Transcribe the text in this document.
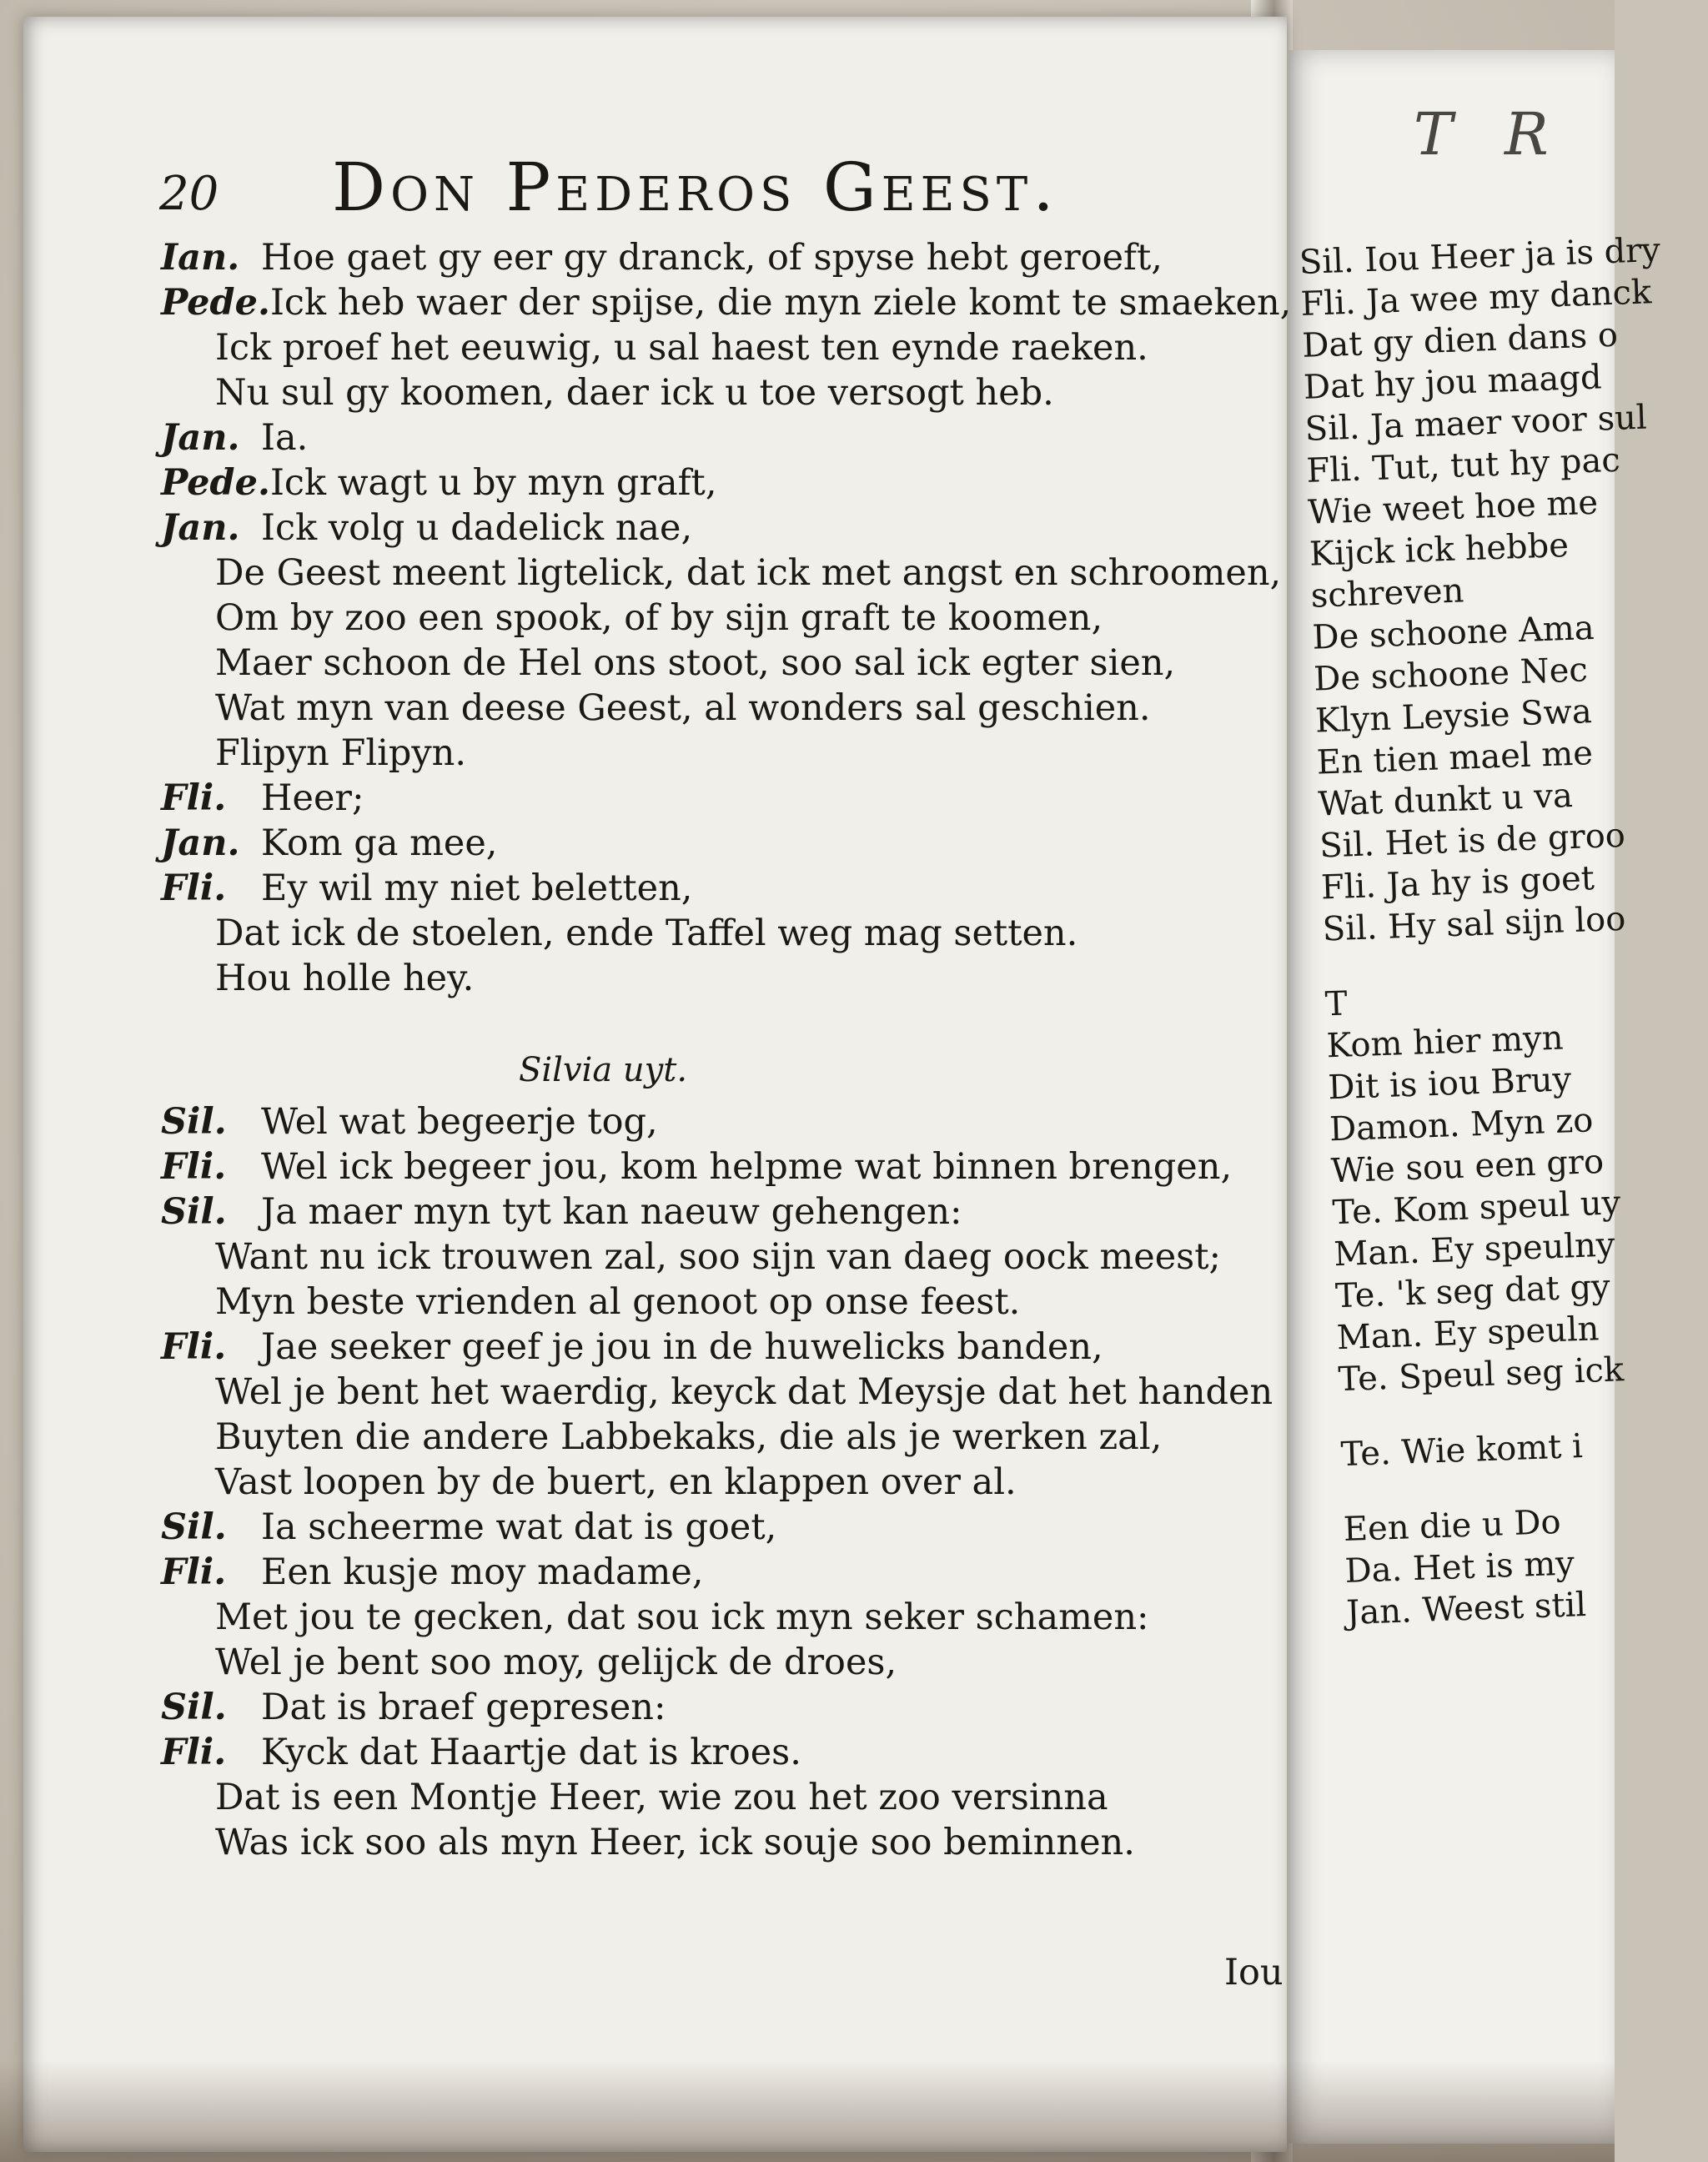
T R
Sil. Iou Heer ja is dry
Fli. Ja wee my danck
Dat gy dien dans o
Dat hy jou maagd
Sil. Ja maer voor sul
Fli. Tut, tut hy pac
Wie weet hoe me
Kijck ick hebbe
schreven
De schoone Ama
De schoone Nec
Klyn Leysie Swa
En tien mael me
Wat dunkt u va
Sil. Het is de groo
Fli. Ja hy is goet
Sil. Hy sal sijn loo
T
Kom hier myn
Dit is iou Bruy
Damon. Myn zo
Wie sou een gro
Te. Kom speul uy
Man. Ey speulny
Te. 'k seg dat gy
Man. Ey speuln
Te. Speul seg ick
Te. Wie komt i
Een die u Do
Da. Het is my
Jan. Weest stil
20 Don Pederos Geest.
Ian. Hoe gaet gy eer gy dranck, of spyse hebt geroeft,
Pede.Ick heb waer der spijse, die myn ziele komt te smaeken,
Ick proef het eeuwig, u sal haest ten eynde raeken.
Nu sul gy koomen, daer ick u toe versogt heb.
Jan. Ia.
Pede.Ick wagt u by myn graft,
Jan. Ick volg u dadelick nae,
De Geest meent ligtelick, dat ick met angst en schroomen,
Om by zoo een spook, of by sijn graft te koomen,
Maer schoon de Hel ons stoot, soo sal ick egter sien,
Wat myn van deese Geest, al wonders sal geschien.
Flipyn Flipyn.
Fli. Heer;
Jan. Kom ga mee,
Fli. Ey wil my niet beletten,
Dat ick de stoelen, ende Taffel weg mag setten.
Hou holle hey.
Silvia uyt.
Sil. Wel wat begeerje tog,
Fli. Wel ick begeer jou, kom helpme wat binnen brengen,
Sil. Ja maer myn tyt kan naeuw gehengen:
Want nu ick trouwen zal, soo sijn van daeg oock meest;
Myn beste vrienden al genoot op onse feest.
Fli. Jae seeker geef je jou in de huwelicks banden,
Wel je bent het waerdig, keyck dat Meysje dat het handen
Buyten die andere Labbekaks, die als je werken zal,
Vast loopen by de buert, en klappen over al.
Sil. Ia scheerme wat dat is goet,
Fli. Een kusje moy madame,
Met jou te gecken, dat sou ick myn seker schamen:
Wel je bent soo moy, gelijck de droes,
Sil. Dat is braef gepresen:
Fli. Kyck dat Haartje dat is kroes.
Dat is een Montje Heer, wie zou het zoo versinna
Was ick soo als myn Heer, ick souje soo beminnen.
Iou
